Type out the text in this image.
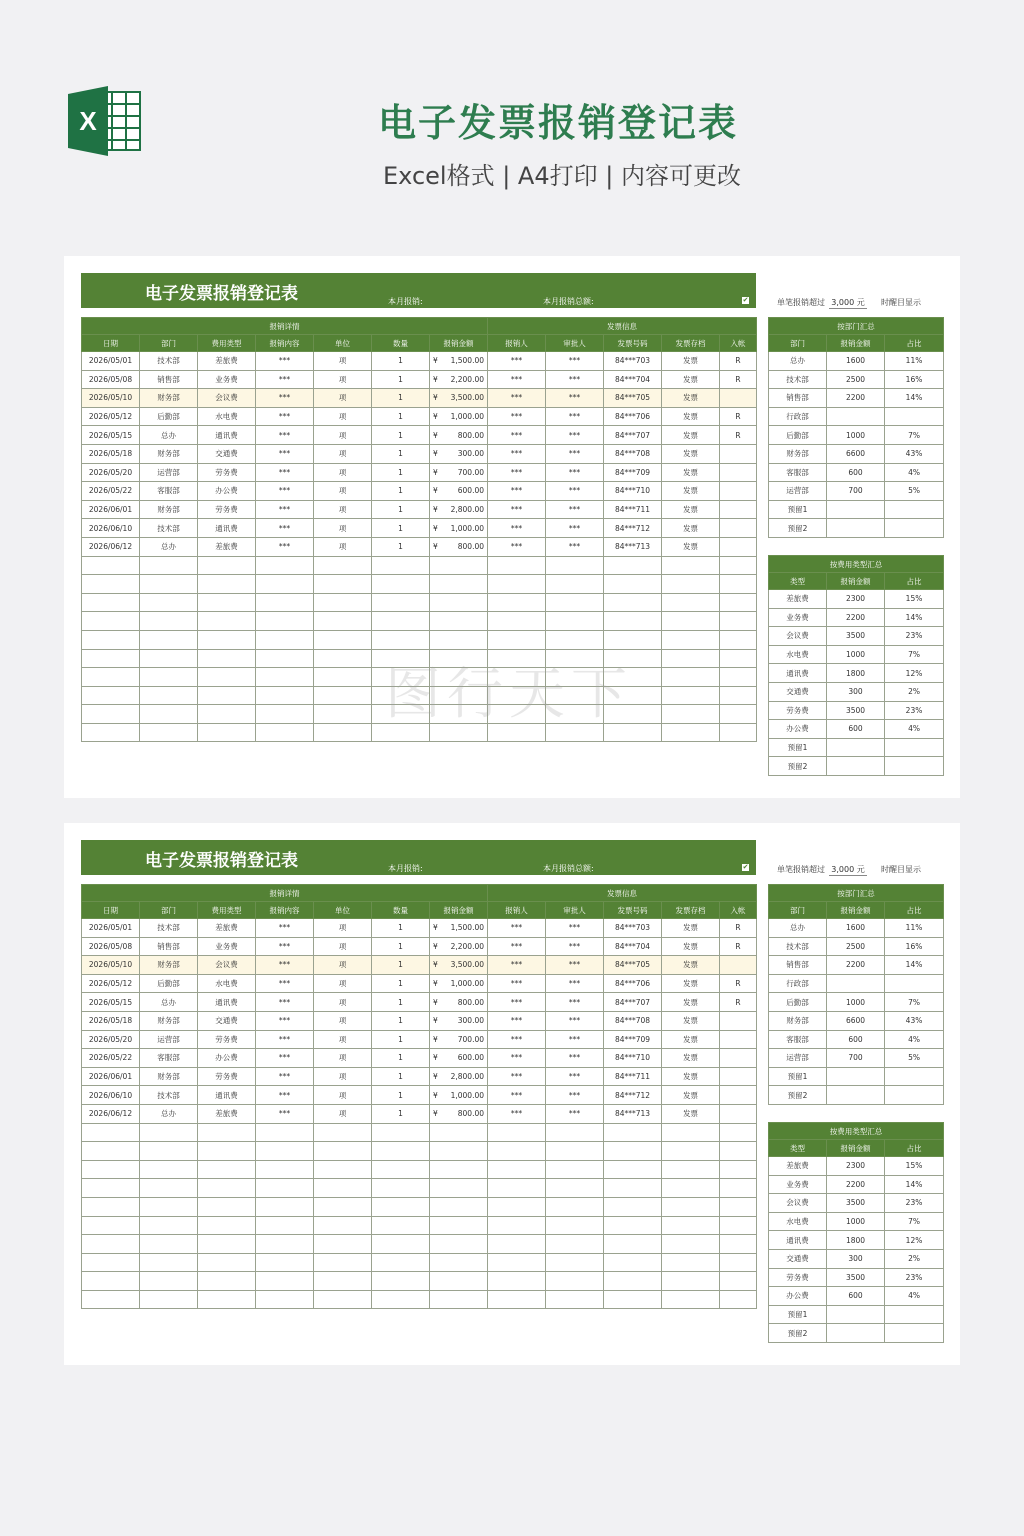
X	电子发票报销登记表
Excel格式 | A4打印 | 内容可更改
电子发票报销登记表	本月报销:	本月报销总额:	✔	单笔报销超过 3,000 元 时醒目显示
报销详情							发票信息				
日期	部门	费用类型	报销内容	单位	数量	报销金额	报销人	审批人	发票号码	发票存档	入帐
2026/05/01	技术部	差旅费	***	项	1	¥ 1,500.00	***	***	84***703	发票	R
2026/05/08	销售部	业务费	***	项	1	¥ 2,200.00	***	***	84***704	发票	R
2026/05/10	财务部	会议费	***	项	1	¥ 3,500.00	***	***	84***705	发票	
2026/05/12	后勤部	水电费	***	项	1	¥ 1,000.00	***	***	84***706	发票	R
2026/05/15	总办	通讯费	***	项	1	¥ 800.00	***	***	84***707	发票	R
2026/05/18	财务部	交通费	***	项	1	¥ 300.00	***	***	84***708	发票	
2026/05/20	运营部	劳务费	***	项	1	¥ 700.00	***	***	84***709	发票	
2026/05/22	客服部	办公费	***	项	1	¥ 600.00	***	***	84***710	发票	
2026/06/01	财务部	劳务费	***	项	1	¥ 2,800.00	***	***	84***711	发票	
2026/06/10	技术部	通讯费	***	项	1	¥ 1,000.00	***	***	84***712	发票	
2026/06/12	总办	差旅费	***	项	1	¥ 800.00	***	***	84***713	发票	

按部门汇总		
部门	报销金额	占比
总办	1600	11%
技术部	2500	16%
销售部	2200	14%
行政部		
后勤部	1000	7%
财务部	6600	43%
客服部	600	4%
运营部	700	5%
预留1		
预留2		
按费用类型汇总		
类型	报销金额	占比
差旅费	2300	15%
业务费	2200	14%
会议费	3500	23%
水电费	1000	7%
通讯费	1800	12%
交通费	300	2%
劳务费	3500	23%
办公费	600	4%
预留1		
预留2		
电子发票报销登记表	本月报销:	本月报销总额:	✔	单笔报销超过 3,000 元 时醒目显示
报销详情							发票信息				
日期	部门	费用类型	报销内容	单位	数量	报销金额	报销人	审批人	发票号码	发票存档	入帐
2026/05/01	技术部	差旅费	***	项	1	¥ 1,500.00	***	***	84***703	发票	R
2026/05/08	销售部	业务费	***	项	1	¥ 2,200.00	***	***	84***704	发票	R
2026/05/10	财务部	会议费	***	项	1	¥ 3,500.00	***	***	84***705	发票	
2026/05/12	后勤部	水电费	***	项	1	¥ 1,000.00	***	***	84***706	发票	R
2026/05/15	总办	通讯费	***	项	1	¥ 800.00	***	***	84***707	发票	R
2026/05/18	财务部	交通费	***	项	1	¥ 300.00	***	***	84***708	发票	
2026/05/20	运营部	劳务费	***	项	1	¥ 700.00	***	***	84***709	发票	
2026/05/22	客服部	办公费	***	项	1	¥ 600.00	***	***	84***710	发票	
2026/06/01	财务部	劳务费	***	项	1	¥ 2,800.00	***	***	84***711	发票	
2026/06/10	技术部	通讯费	***	项	1	¥ 1,000.00	***	***	84***712	发票	
2026/06/12	总办	差旅费	***	项	1	¥ 800.00	***	***	84***713	发票	

按部门汇总		
部门	报销金额	占比
总办	1600	11%
技术部	2500	16%
销售部	2200	14%
行政部		
后勤部	1000	7%
财务部	6600	43%
客服部	600	4%
运营部	700	5%
预留1		
预留2		
按费用类型汇总		
类型	报销金额	占比
差旅费	2300	15%
业务费	2200	14%
会议费	3500	23%
水电费	1000	7%
通讯费	1800	12%
交通费	300	2%
劳务费	3500	23%
办公费	600	4%
预留1		
预留2		
图行天下
